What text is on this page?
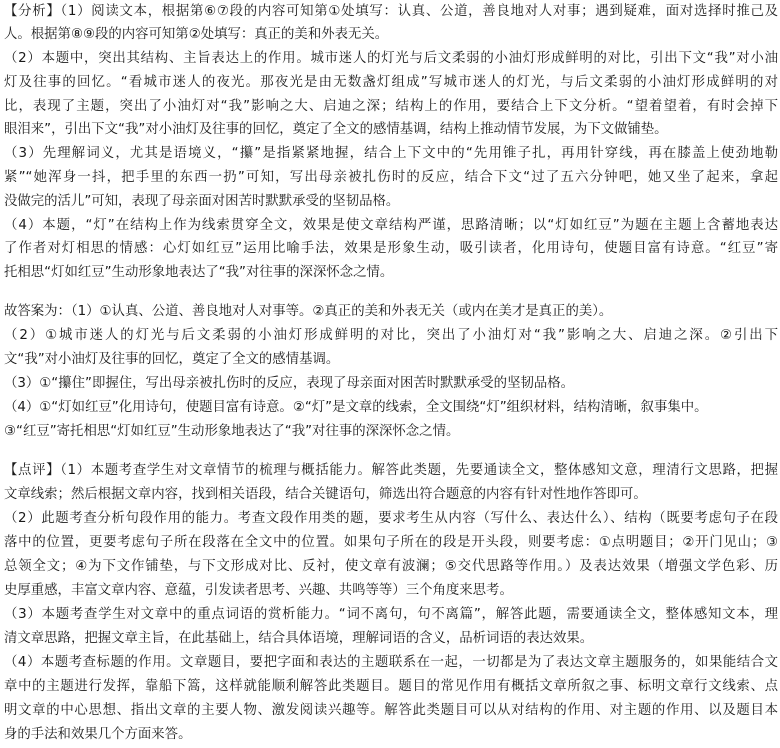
【分析】（1）阅读文本，根据第⑥⑦段的内容可知第①处填写：认真、公道，善良地对人对事；遇到疑难，面对选择时推己及
人。根据第⑧⑨段的内容可知第②处填写：真正的美和外表无关。
（2）本题中，突出其结构、主旨表达上的作用。城市迷人的灯光与后文柔弱的小油灯形成鲜明的对比，引出下文“我”对小油
灯及往事的回忆。“看城市迷人的夜光。那夜光是由无数盏灯组成”写城市迷人的灯光，与后文柔弱的小油灯形成鲜明的对
比，表现了主题，突出了小油灯对“我”影响之大、启迪之深；结构上的作用，要结合上下文分析。“望着望着，有时会掉下
眼泪来”，引出下文“我”对小油灯及往事的回忆，奠定了全文的感情基调，结构上推动情节发展，为下文做铺垫。
（3）先理解词义，尤其是语境义，“攥”是指紧紧地握，结合上下文中的“先用锥子扎，再用针穿线，再在膝盖上使劲地勒
紧”“她浑身一抖，把手里的东西一扔”可知，写出母亲被扎伤时的反应，结合下文“过了五六分钟吧，她又坐了起来，拿起
没做完的活儿”可知，表现了母亲面对困苦时默默承受的坚韧品格。
（4）本题，“灯”在结构上作为线索贯穿全文，效果是使文章结构严谨，思路清晰；以“灯如红豆”为题在主题上含蓄地表达
了作者对灯相思的情感：心灯如红豆”运用比喻手法，效果是形象生动，吸引读者，化用诗句，使题目富有诗意。“红豆”寄
托相思“灯如红豆”生动形象地表达了“我”对往事的深深怀念之情。
故答案为：（1）①认真、公道、善良地对人对事等。②真正的美和外表无关（或内在美才是真正的美）。
（2）①城市迷人的灯光与后文柔弱的小油灯形成鲜明的对比，突出了小油灯对“我”影响之大、启迪之深。②引出下
文“我”对小油灯及往事的回忆，奠定了全文的感情基调。
（3）①“攥住”即握住，写出母亲被扎伤时的反应，表现了母亲面对困苦时默默承受的坚韧品格。
（4）①“灯如红豆”化用诗句，使题目富有诗意。②“灯”是文章的线索，全文围绕“灯”组织材料，结构清晰，叙事集中。
③“红豆”寄托相思“灯如红豆”生动形象地表达了“我”对往事的深深怀念之情。
【点评】（1）本题考查学生对文章情节的梳理与概括能力。解答此类题，先要通读全文，整体感知文意，理清行文思路，把握
文章线索；然后根据文章内容，找到相关语段，结合关键语句，筛选出符合题意的内容有针对性地作答即可。
（2）此题考查分析句段作用的能力。考查文段作用类的题，要求考生从内容（写什么、表达什么）、结构（既要考虑句子在段
落中的位置，更要考虑句子所在段落在全文中的位置。如果句子所在的段是开头段，则要考虑：①点明题目；②开门见山；③
总领全文；④为下文作铺垫，与下文形成对比、反衬，使文章有波澜；⑤交代思路等作用。）及表达效果（增强文学色彩、历
史厚重感，丰富文章内容、意蕴，引发读者思考、兴趣、共鸣等等）三个角度来思考。
（3）本题考查学生对文章中的重点词语的赏析能力。“词不离句，句不离篇”，解答此题，需要通读全文，整体感知文本，理
清文章思路，把握文章主旨，在此基础上，结合具体语境，理解词语的含义，品析词语的表达效果。
（4）本题考查标题的作用。文章题目，要把字面和表达的主题联系在一起，一切都是为了表达文章主题服务的，如果能结合文
章中的主题进行发挥，靠船下篙，这样就能顺利解答此类题目。题目的常见作用有概括文章所叙之事、标明文章行文线索、点
明文章的中心思想、指出文章的主要人物、激发阅读兴趣等。解答此类题目可以从对结构的作用、对主题的作用、以及题目本
身的手法和效果几个方面来答。
